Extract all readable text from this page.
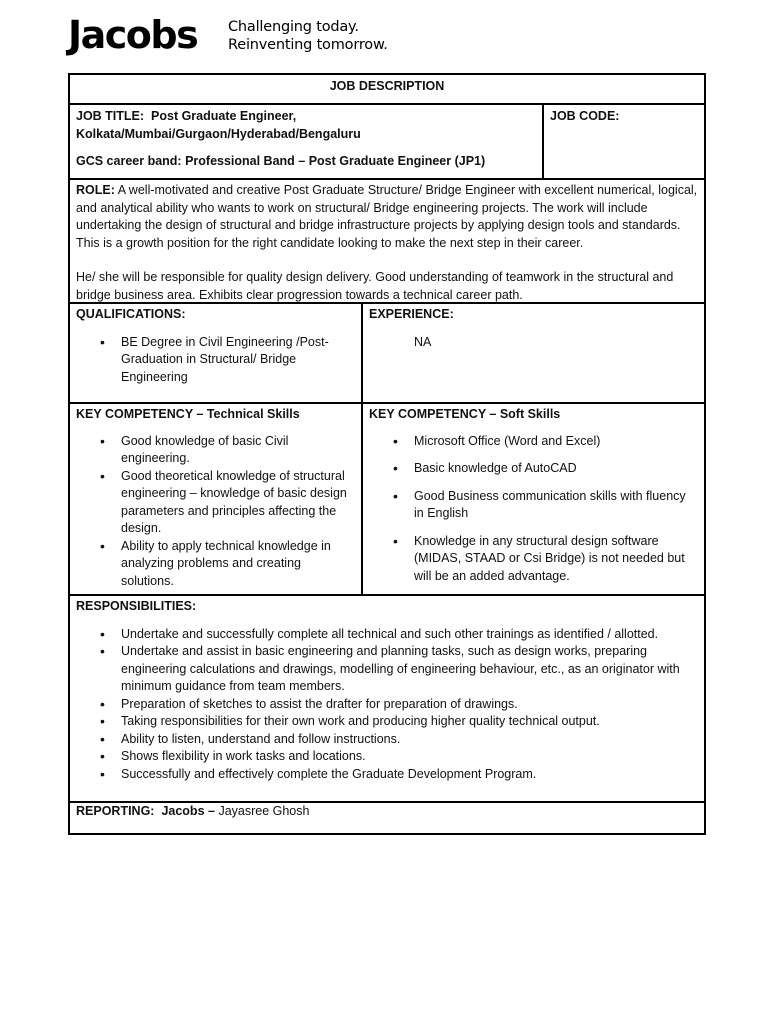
Jacobs Challenging today.
Reinventing tomorrow.
JOB DESCRIPTION

JOB TITLE: Post Graduate Engineer, Kolkata/Mumbai/Gurgaon/Hyderabad/Bengaluru

GCS career band: Professional Band – Post Graduate Engineer (JP1)

JOB CODE:

ROLE: A well-motivated and creative Post Graduate Structure/ Bridge Engineer with excellent numerical, logical, and analytical ability who wants to work on structural/ Bridge engineering projects. The work will include undertaking the design of structural and bridge infrastructure projects by applying design tools and standards. This is a growth position for the right candidate looking to make the next step in their career.

He/ she will be responsible for quality design delivery. Good understanding of teamwork in the structural and bridge business area. Exhibits clear progression towards a technical career path.

QUALIFICATIONS:

• BE Degree in Civil Engineering /Post-Graduation in Structural/ Bridge Engineering

EXPERIENCE:

NA

KEY COMPETENCY – Technical Skills

• Good knowledge of basic Civil engineering.
• Good theoretical knowledge of structural engineering – knowledge of basic design parameters and principles affecting the design.
• Ability to apply technical knowledge in analyzing problems and creating solutions.

KEY COMPETENCY – Soft Skills

• Microsoft Office (Word and Excel)
• Basic knowledge of AutoCAD
• Good Business communication skills with fluency in English
• Knowledge in any structural design software (MIDAS, STAAD or Csi Bridge) is not needed but will be an added advantage.

RESPONSIBILITIES:

• Undertake and successfully complete all technical and such other trainings as identified / allotted.
• Undertake and assist in basic engineering and planning tasks, such as design works, preparing engineering calculations and drawings, modelling of engineering behaviour, etc., as an originator with minimum guidance from team members.
• Preparation of sketches to assist the drafter for preparation of drawings.
• Taking responsibilities for their own work and producing higher quality technical output.
• Ability to listen, understand and follow instructions.
• Shows flexibility in work tasks and locations.
• Successfully and effectively complete the Graduate Development Program.

REPORTING: Jacobs – Jayasree Ghosh
